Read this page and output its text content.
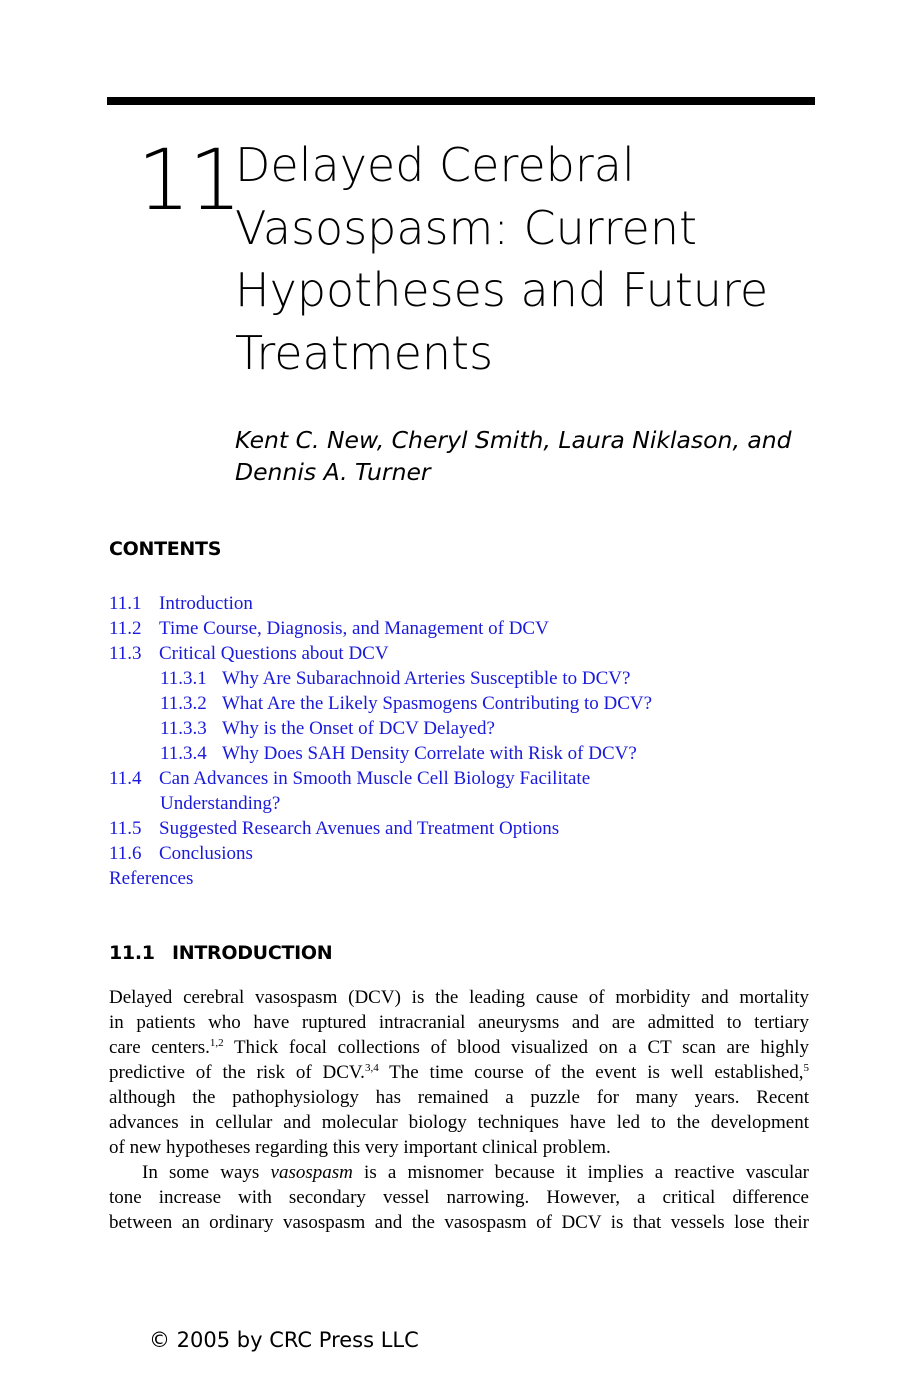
11
Delayed Cerebral
Vasospasm: Current
Hypotheses and Future
Treatments
Kent C. New, Cheryl Smith, Laura Niklason, and
Dennis A. Turner
CONTENTS
11.1 Introduction
11.2 Time Course, Diagnosis, and Management of DCV
11.3 Critical Questions about DCV
11.3.1 Why Are Subarachnoid Arteries Susceptible to DCV?
11.3.2 What Are the Likely Spasmogens Contributing to DCV?
11.3.3 Why is the Onset of DCV Delayed?
11.3.4 Why Does SAH Density Correlate with Risk of DCV?
11.4 Can Advances in Smooth Muscle Cell Biology Facilitate
Understanding?
11.5 Suggested Research Avenues and Treatment Options
11.6 Conclusions
References
11.1 INTRODUCTION
Delayed cerebral vasospasm (DCV) is the leading cause of morbidity and mortality
in patients who have ruptured intracranial aneurysms and are admitted to tertiary
care centers.$^{1,2}$ Thick focal collections of blood visualized on a CT scan are highly
predictive of the risk of DCV.$^{3,4}$ The time course of the event is well established,$^5$
although the pathophysiology has remained a puzzle for many years. Recent
advances in cellular and molecular biology techniques have led to the development
of new hypotheses regarding this very important clinical problem.
In some ways vasospasm is a misnomer because it implies a reactive vascular
tone increase with secondary vessel narrowing. However, a critical difference
between an ordinary vasospasm and the vasospasm of DCV is that vessels lose their
© 2005 by CRC Press LLC
